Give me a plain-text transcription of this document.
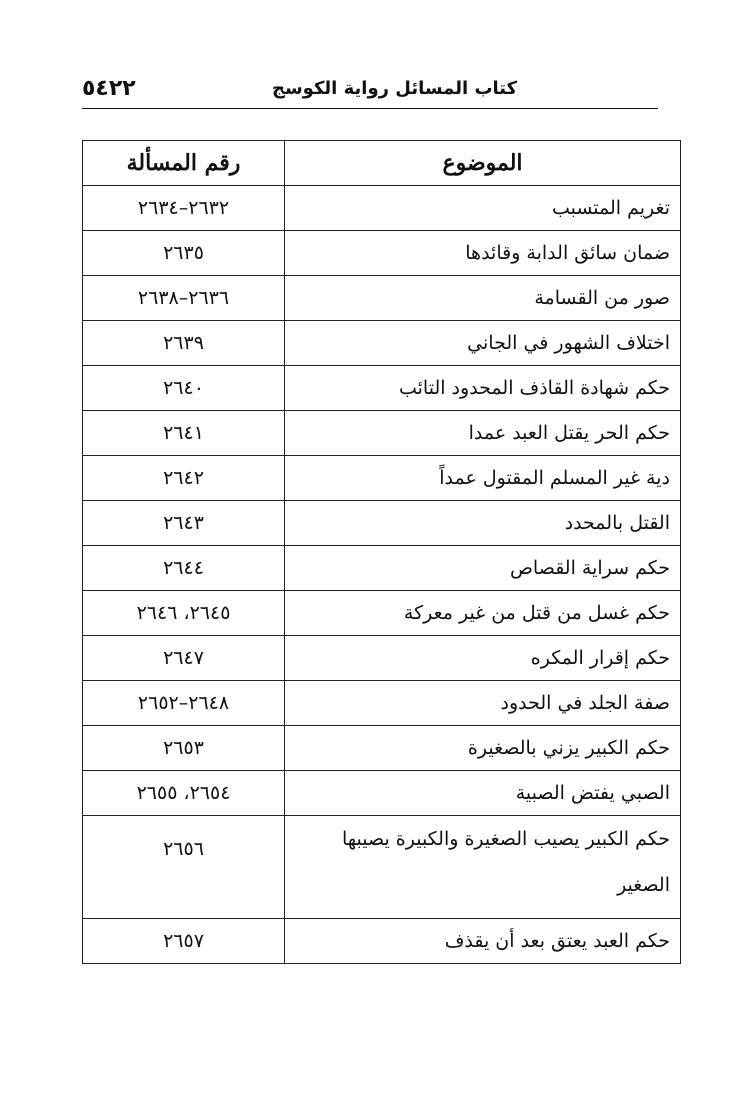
٥٤٢٢	كتاب المسائل رواية الكوسج
الموضوع	رقم المسألة
تغريم المتسبب	٢٦٣٢–٢٦٣٤
ضمان سائق الدابة وقائدها	٢٦٣٥
صور من القسامة	٢٦٣٦–٢٦٣٨
اختلاف الشهور في الجاني	٢٦٣٩
حكم شهادة القاذف المحدود التائب	٢٦٤٠
حكم الحر يقتل العبد عمدا	٢٦٤١
دية غير المسلم المقتول عمداً	٢٦٤٢
القتل بالمحدد	٢٦٤٣
حكم سراية القصاص	٢٦٤٤
حكم غسل من قتل من غير معركة	٢٦٤٥، ٢٦٤٦
حكم إقرار المكره	٢٦٤٧
صفة الجلد في الحدود	٢٦٤٨–٢٦٥٢
حكم الكبير يزني بالصغيرة	٢٦٥٣
الصبي يفتض الصبية	٢٦٥٤، ٢٦٥٥
حكم الكبير يصيب الصغيرة والكبيرة يصيبها الصغير	٢٦٥٦
حكم العبد يعتق بعد أن يقذف	٢٦٥٧
